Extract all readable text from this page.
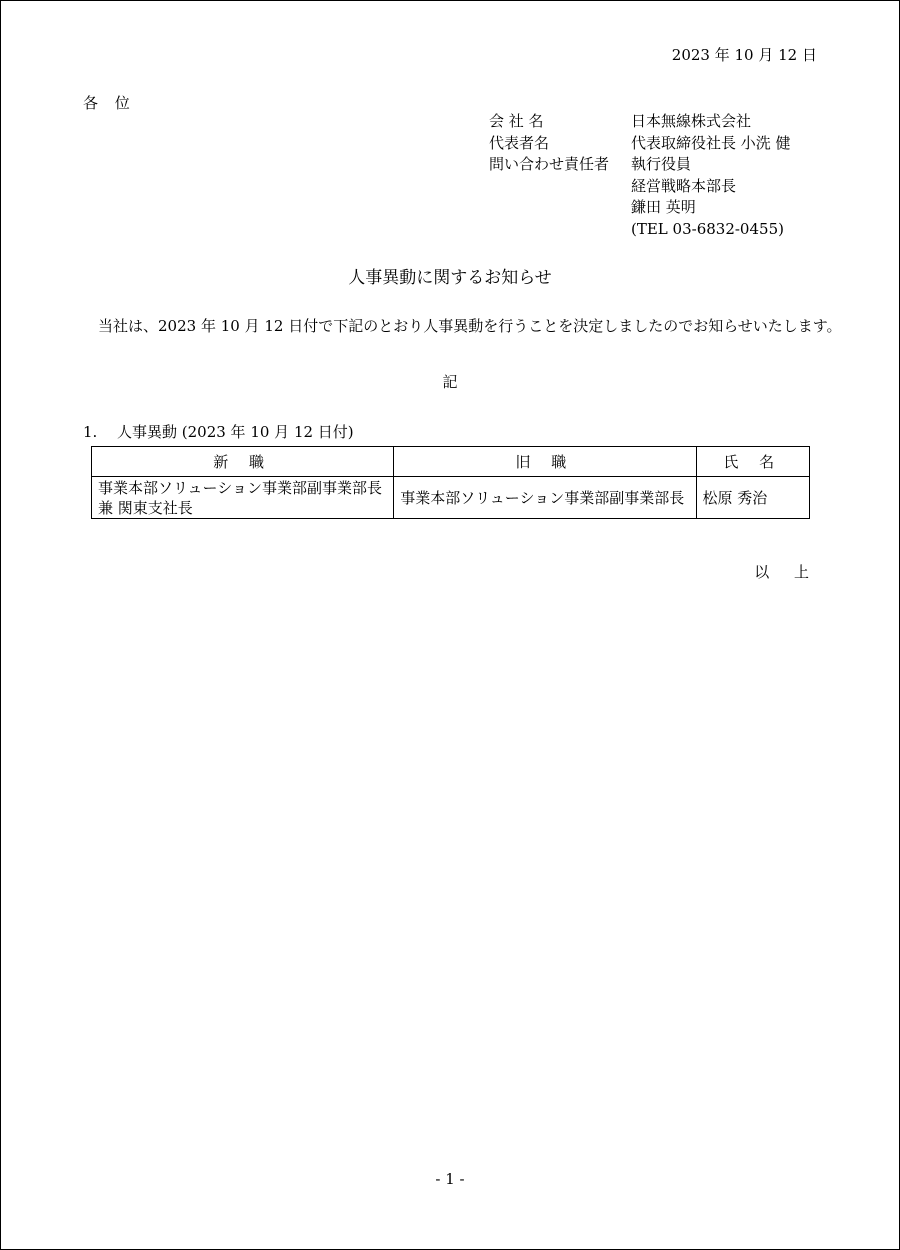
2023 年 10 月 12 日
各 位
会 社 名	日本無線株式会社
代表者名	代表取締役社長 小洗 健
問い合わせ責任者	執行役員
経営戦略本部長
鎌田 英明
(TEL 03-6832-0455)
人事異動に関するお知らせ
当社は、2023 年 10 月 12 日付で下記のとおり人事異動を行うことを決定しましたのでお知らせいたします。
記
1. 人事異動 (2023 年 10 月 12 日付)
新 職	旧 職	氏 名

事業本部ソリューション事業部副事業部長
兼 関東支社長	事業本部ソリューション事業部副事業部長	松原 秀治
以 上
- 1 -
